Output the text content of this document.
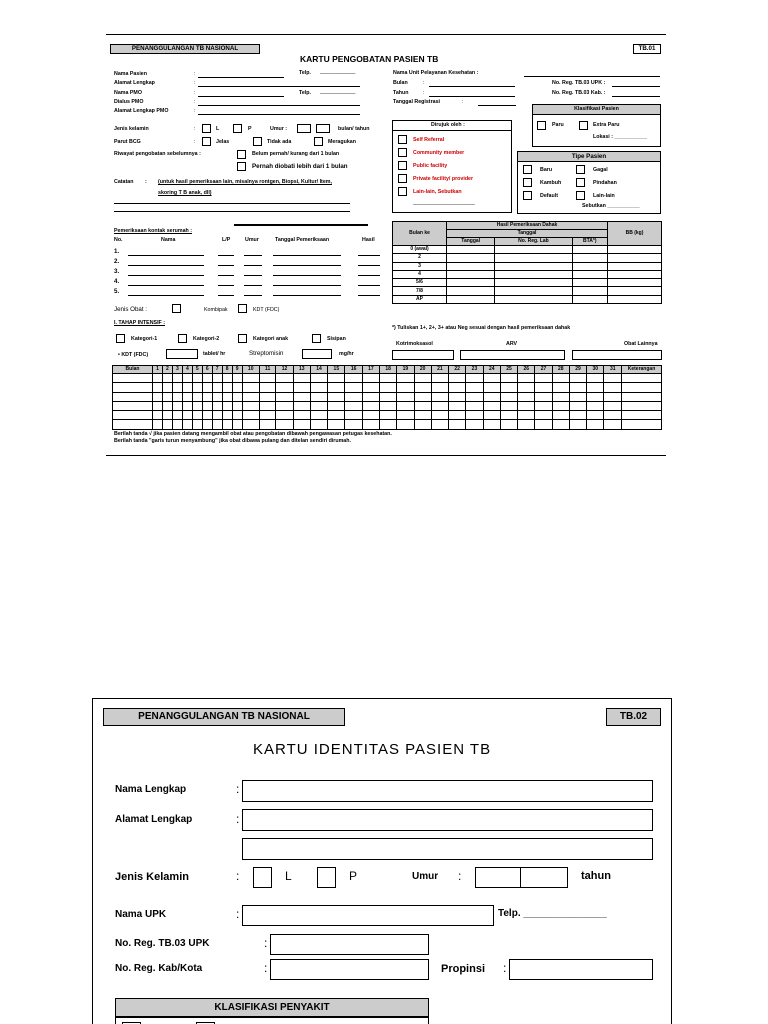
PENANGGULANGAN TB NASIONAL	TB.01
KARTU PENGOBATAN PASIEN TB
Nama Pasien	:
Alamat Lengkap	:
Nama PMO	:
Dialus PMO	:
Alamat Lengkap PMO	:
Telp. ____________
Telp. ____________
Nama Unit Pelayanan Kesehatan :
Bulan	:
Tahun	:
Tanggal Registrasi	:
No. Reg. TB.03 UPK :
No. Reg. TB.03 Kab. :
Jenis kelamin	:	L	P	Umur :	bulan/ tahun
Parut BCG	:	Jelas	Tidak ada	Meragukan
Riwayat pengobatan sebelumnya :	Belum pernah/ kurang dari 1 bulan
Pernah diobati lebih dari 1 bulan
Catatan : (untuk hasil pemeriksaan lain, misalnya rontgen, Biopsi, Kultur/ Item,
skoring T B anak, dll)
Dirujuk oleh :
Self Referral
Community member
Public facility
Private facility/ provider
Lain-lain, Sebutkan
_____________________
Klasifikasi Pasien
Paru	Extra Paru
Lokasi : ___________
Tipe Pasien
Baru	Gagal
Kambuh	Pindahan
Default	Lain-lain
Sebutkan ___________
Pemeriksaan kontak serumah :
No.	Nama	L/P	Umur	Tanggal Pemeriksaan	Hasil
1.
2.
3.
4.
5.
Jenis Obat :	Kombipak	KDT (FDC)
I. TAHAP INTENSIF :
Kategori-1	Kategori-2	Kategori anak	Sisipan
• KDT (FDC)	tablet/ hr	Streptomisin	mg/hr
Bulan ke	Hasil Pemeriksaan Dahak			BB (kg)
	Tanggal			
	Tanggal	No. Reg. Lab	BTA*)	
0 (awal)				
2				
3				
4				
5/6				
7/8				
AP				
*) Tuliskan 1+, 2+, 3+ atau Neg sesuai dengan hasil pemeriksaan dahak
Kotrimoksasol	ARV	Obat Lainnya
Bulan	1	2	3	4	5	6	7	8	9	10	11	12	13	14	15	16	17	18	19	20	21	22	23	24	25	26	27	28	29	30	31	Keterangan

Berilah tanda √ jika pasien datang mengambil obat atau pengobatan dibawah pengawasan petugas kesehatan.
Berilah tanda "garis turun menyambung" jika obat dibawa pulang dan ditelan sendiri dirumah.
PENANGGULANGAN TB NASIONAL	TB.02
KARTU IDENTITAS PASIEN TB
Nama Lengkap	:
Alamat Lengkap	:
Jenis Kelamin	:	L	P	Umur :	tahun
Nama UPK	:	Telp. _______________
No. Reg. TB.03 UPK	:
No. Reg. Kab/Kota	:	Propinsi :
KLASIFIKASI PENYAKIT
